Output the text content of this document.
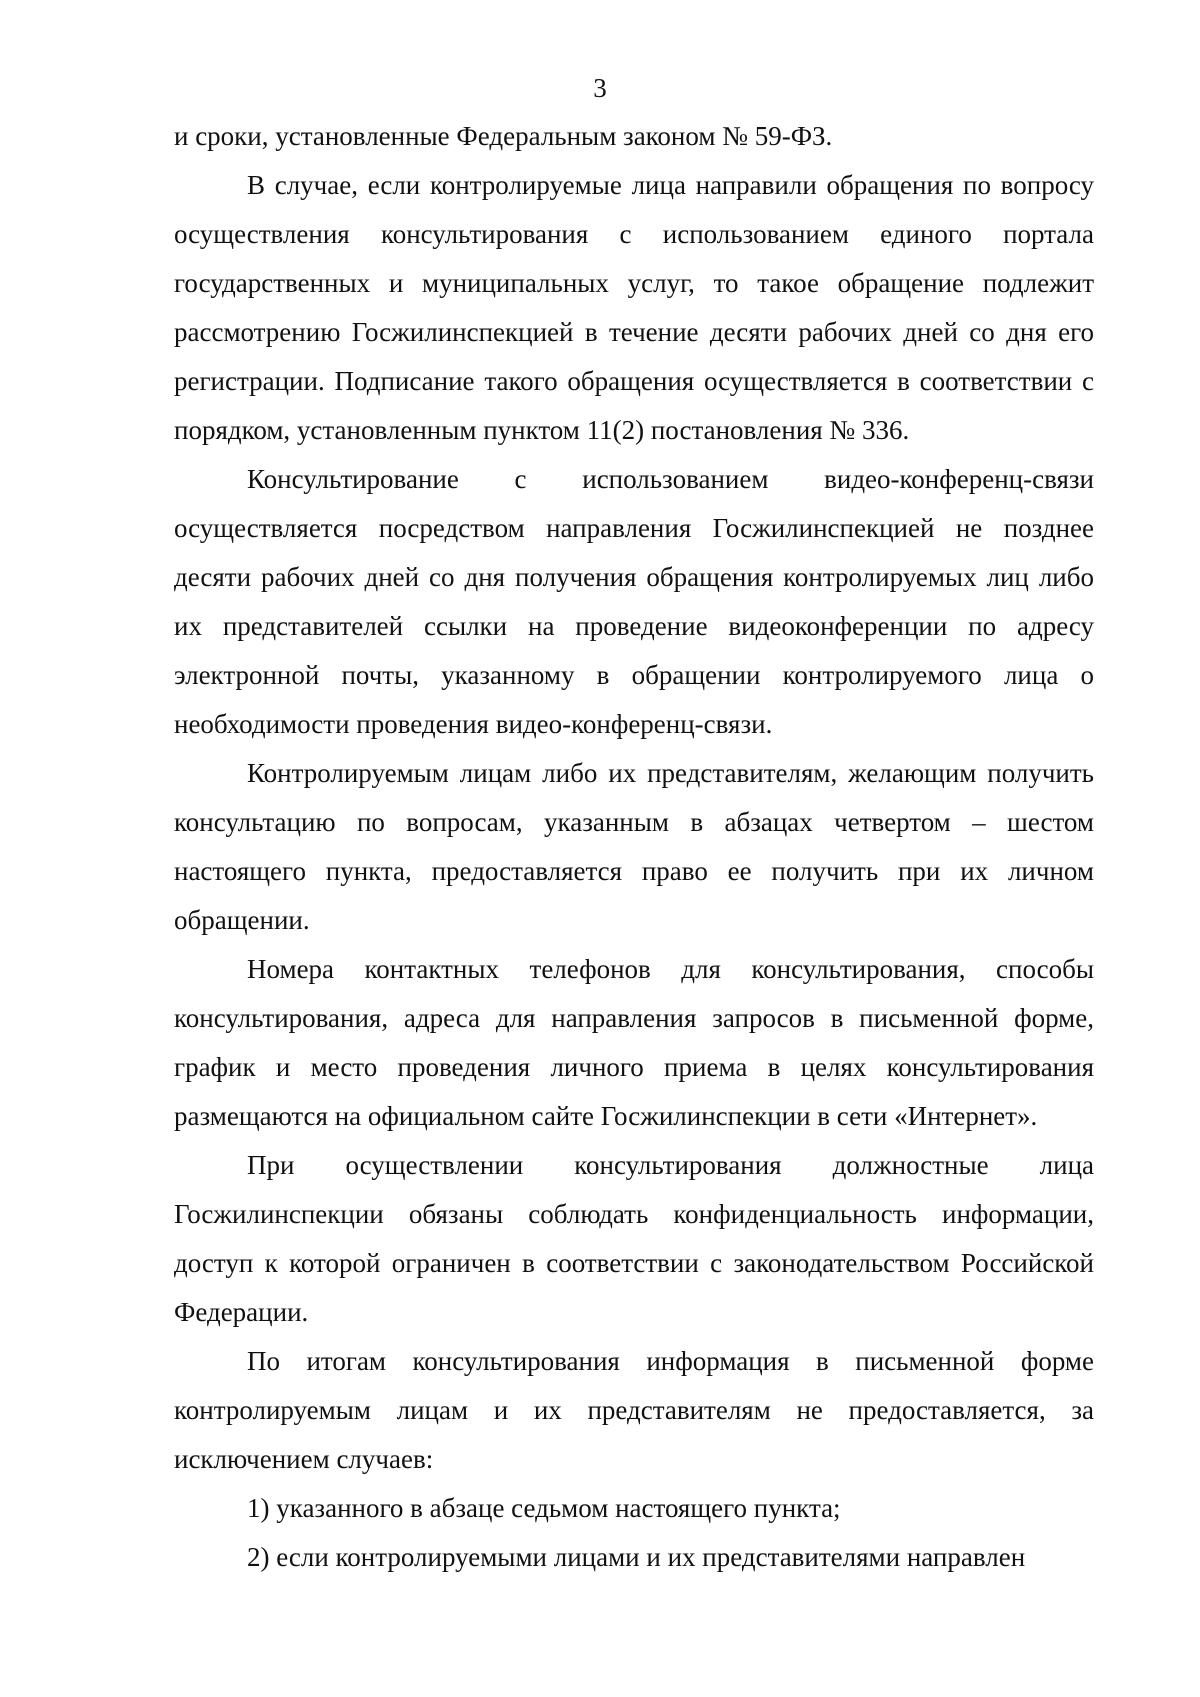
3

и сроки, установленные Федеральным законом № 59-ФЗ.

В случае, если контролируемые лица направили обращения по вопросу осуществления консультирования с использованием единого портала государственных и муниципальных услуг, то такое обращение подлежит рассмотрению Госжилинспекцией в течение десяти рабочих дней со дня его регистрации. Подписание такого обращения осуществляется в соответствии с порядком, установленным пунктом 11(2) постановления № 336.

Консультирование с использованием видео-конференц-связи осуществляется посредством направления Госжилинспекцией не позднее десяти рабочих дней со дня получения обращения контролируемых лиц либо их представителей ссылки на проведение видеоконференции по адресу электронной почты, указанному в обращении контролируемого лица о необходимости проведения видео-конференц-связи.

Контролируемым лицам либо их представителям, желающим получить консультацию по вопросам, указанным в абзацах четвертом – шестом настоящего пункта, предоставляется право ее получить при их личном обращении.

Номера контактных телефонов для консультирования, способы консультирования, адреса для направления запросов в письменной форме, график и место проведения личного приема в целях консультирования размещаются на официальном сайте Госжилинспекции в сети «Интернет».

При осуществлении консультирования должностные лица Госжилинспекции обязаны соблюдать конфиденциальность информации, доступ к которой ограничен в соответствии с законодательством Российской Федерации.

По итогам консультирования информация в письменной форме контролируемым лицам и их представителям не предоставляется, за исключением случаев:

1) указанного в абзаце седьмом настоящего пункта;

2) если контролируемыми лицами и их представителями направлен
